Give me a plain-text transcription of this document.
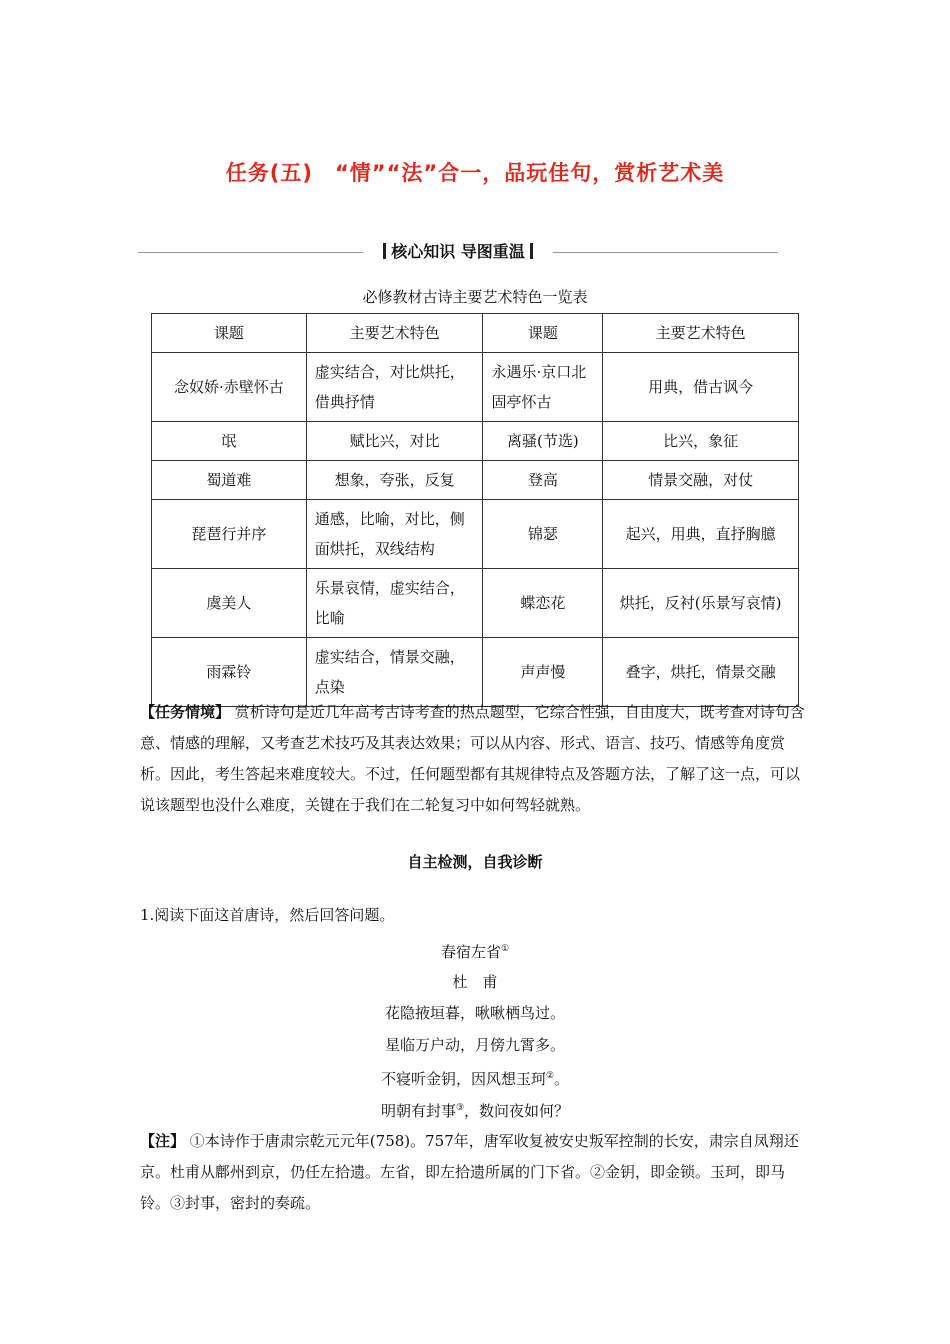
任务(五)　“情”“法”合一，品玩佳句，赏析艺术美
核心知识 导图重温
必修教材古诗主要艺术特色一览表
课题	主要艺术特色	课题	主要艺术特色
念奴娇·赤壁怀古	虚实结合，对比烘托，借典抒情	永遇乐·京口北固亭怀古	用典，借古讽今
氓	赋比兴，对比	离骚(节选)	比兴，象征
蜀道难	想象，夸张，反复	登高	情景交融，对仗
琵琶行并序	通感，比喻，对比，侧面烘托，双线结构	锦瑟	起兴，用典，直抒胸臆
虞美人	乐景哀情，虚实结合，比喻	蝶恋花	烘托，反衬(乐景写哀情)
雨霖铃	虚实结合，情景交融，点染	声声慢	叠字，烘托，情景交融
【任务情境】 赏析诗句是近几年高考古诗考查的热点题型，它综合性强，自由度大，既考查对诗句含意、情感的理解，又考查艺术技巧及其表达效果；可以从内容、形式、语言、技巧、情感等角度赏析。因此，考生答起来难度较大。不过，任何题型都有其规律特点及答题方法，了解了这一点，可以说该题型也没什么难度，关键在于我们在二轮复习中如何驾轻就熟。
自主检测，自我诊断
1.阅读下面这首唐诗，然后回答问题。
春宿左省①
杜　甫
花隐掖垣暮，啾啾栖鸟过。
星临万户动，月傍九霄多。
不寝听金钥，因风想玉珂②。
明朝有封事③，数问夜如何？
【注】 ①本诗作于唐肃宗乾元元年(758)。757年，唐军收复被安史叛军控制的长安，肃宗自凤翔还京。杜甫从鄜州到京，仍任左拾遗。左省，即左拾遗所属的门下省。②金钥，即金锁。玉珂，即马铃。③封事，密封的奏疏。
